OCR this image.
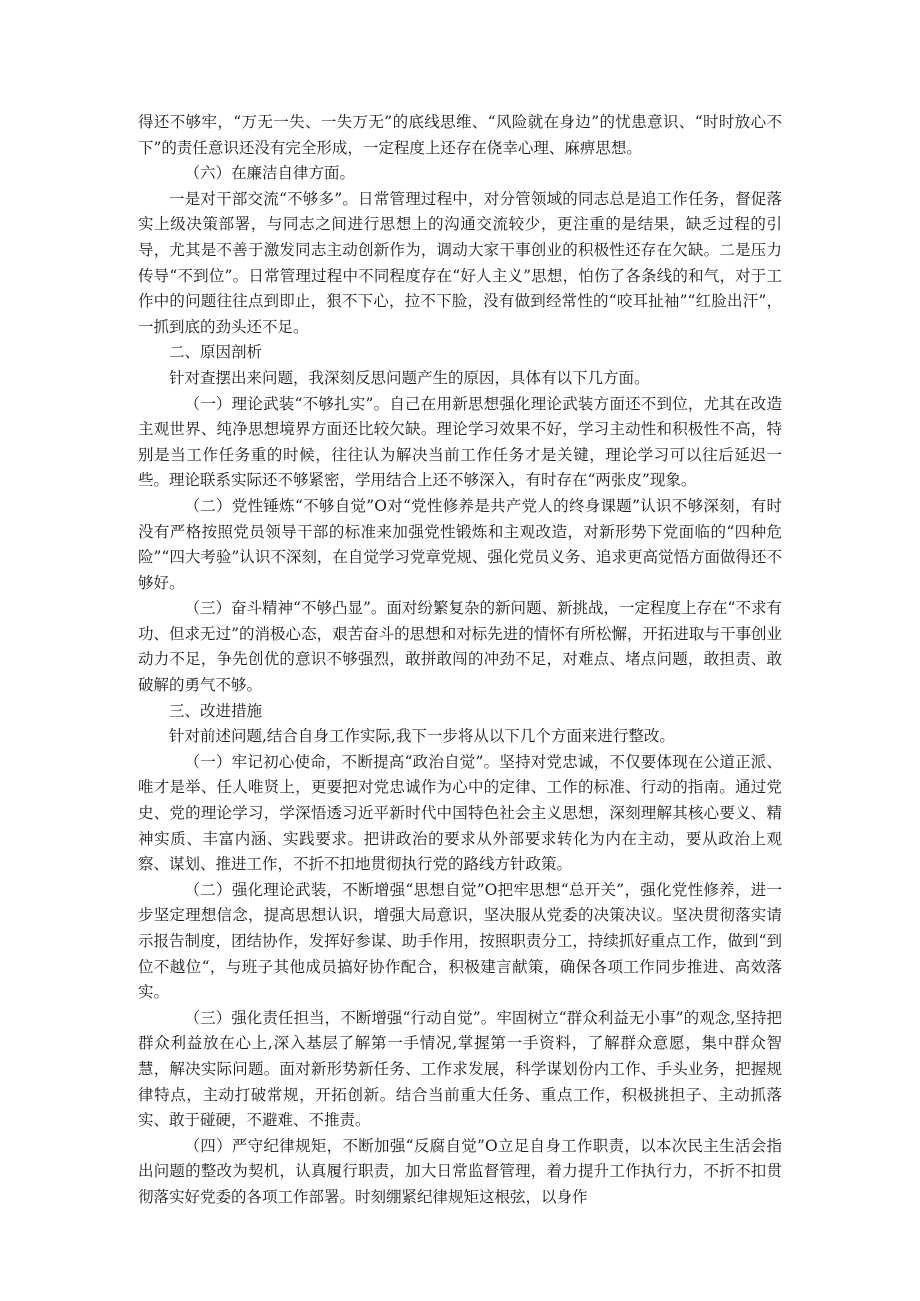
得还不够牢，“万无一失、一失万无”的底线思维、“风险就在身边”的忧患意识、“时时放心不下”的责任意识还没有完全形成，一定程度上还存在侥幸心理、麻痹思想。

（六）在廉洁自律方面。

一是对干部交流“不够多”。日常管理过程中，对分管领域的同志总是追工作任务，督促落实上级决策部署，与同志之间进行思想上的沟通交流较少，更注重的是结果，缺乏过程的引导，尤其是不善于激发同志主动创新作为，调动大家干事创业的积极性还存在欠缺。二是压力传导“不到位”。日常管理过程中不同程度存在“好人主义”思想，怕伤了各条线的和气，对于工作中的问题往往点到即止，狠不下心，拉不下脸，没有做到经常性的“咬耳扯袖”“红脸出汗”，一抓到底的劲头还不足。

二、原因剖析

针对查摆出来问题，我深刻反思问题产生的原因，具体有以下几方面。

（一）理论武装“不够扎实”。自己在用新思想强化理论武装方面还不到位，尤其在改造主观世界、纯净思想境界方面还比较欠缺。理论学习效果不好，学习主动性和积极性不高，特别是当工作任务重的时候，往往认为解决当前工作任务才是关键，理论学习可以往后延迟一些。理论联系实际还不够紧密，学用结合上还不够深入，有时存在“两张皮”现象。

（二）党性锤炼“不够自觉”O对“党性修养是共产党人的终身课题”认识不够深刻，有时没有严格按照党员领导干部的标准来加强党性锻炼和主观改造，对新形势下党面临的“四种危险”“四大考验”认识不深刻，在自觉学习党章党规、强化党员义务、追求更高觉悟方面做得还不够好。

（三）奋斗精神“不够凸显”。面对纷繁复杂的新问题、新挑战，一定程度上存在“不求有功、但求无过”的消极心态，艰苦奋斗的思想和对标先进的情怀有所松懈，开拓进取与干事创业动力不足，争先创优的意识不够强烈，敢拼敢闯的冲劲不足，对难点、堵点问题，敢担责、敢破解的勇气不够。

三、改进措施

针对前述问题,结合自身工作实际,我下一步将从以下几个方面来进行整改。

（一）牢记初心使命，不断提高“政治自觉”。坚持对党忠诚，不仅要体现在公道正派、唯才是举、任人唯贤上，更要把对党忠诚作为心中的定律、工作的标准、行动的指南。通过党史、党的理论学习，学深悟透习近平新时代中国特色社会主义思想，深刻理解其核心要义、精神实质、丰富内涵、实践要求。把讲政治的要求从外部要求转化为内在主动，要从政治上观察、谋划、推进工作，不折不扣地贯彻执行党的路线方针政策。

（二）强化理论武装，不断增强“思想自觉”O把牢思想“总开关”，强化党性修养，进一步坚定理想信念，提高思想认识，增强大局意识，坚决服从党委的决策决议。坚决贯彻落实请示报告制度，团结协作，发挥好参谋、助手作用，按照职责分工，持续抓好重点工作，做到“到位不越位“，与班子其他成员搞好协作配合，积极建言献策，确保各项工作同步推进、高效落实。

（三）强化责任担当，不断增强“行动自觉”。牢固树立“群众利益无小事”的观念,坚持把群众利益放在心上,深入基层了解第一手情况,掌握第一手资料，了解群众意愿，集中群众智慧，解决实际问题。面对新形势新任务、工作求发展，科学谋划份内工作、手头业务，把握规律特点，主动打破常规，开拓创新。结合当前重大任务、重点工作，积极挑担子、主动抓落实、敢于碰硬，不避难、不推责。

（四）严守纪律规矩，不断加强“反腐自觉”O立足自身工作职责，以本次民主生活会指出问题的整改为契机，认真履行职责，加大日常监督管理，着力提升工作执行力，不折不扣贯彻落实好党委的各项工作部署。时刻绷紧纪律规矩这根弦，以身作
